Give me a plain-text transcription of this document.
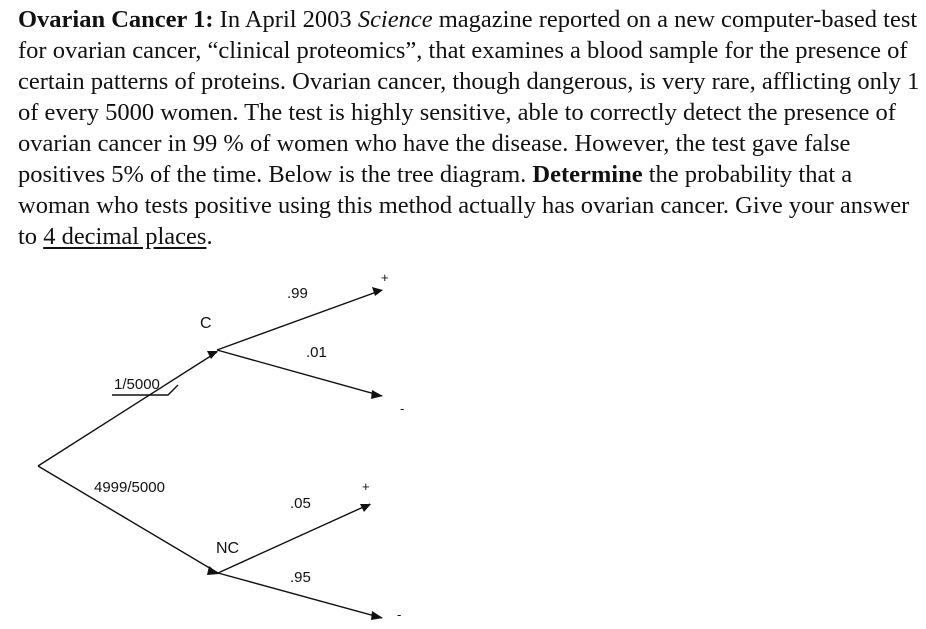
Ovarian Cancer 1: In April 2003 Science magazine reported on a new computer-based test for ovarian cancer, “clinical proteomics”, that examines a blood sample for the presence of certain patterns of proteins. Ovarian cancer, though dangerous, is very rare, afflicting only 1 of every 5000 women. The test is highly sensitive, able to correctly detect the presence of ovarian cancer in 99 % of women who have the disease. However, the test gave false positives 5% of the time. Below is the tree diagram. Determine the probability that a woman who tests positive using this method actually has ovarian cancer. Give your answer to 4 decimal places.

C
NC
1/5000
4999/5000
.99
.01
.05
.95
+
-
+
-
